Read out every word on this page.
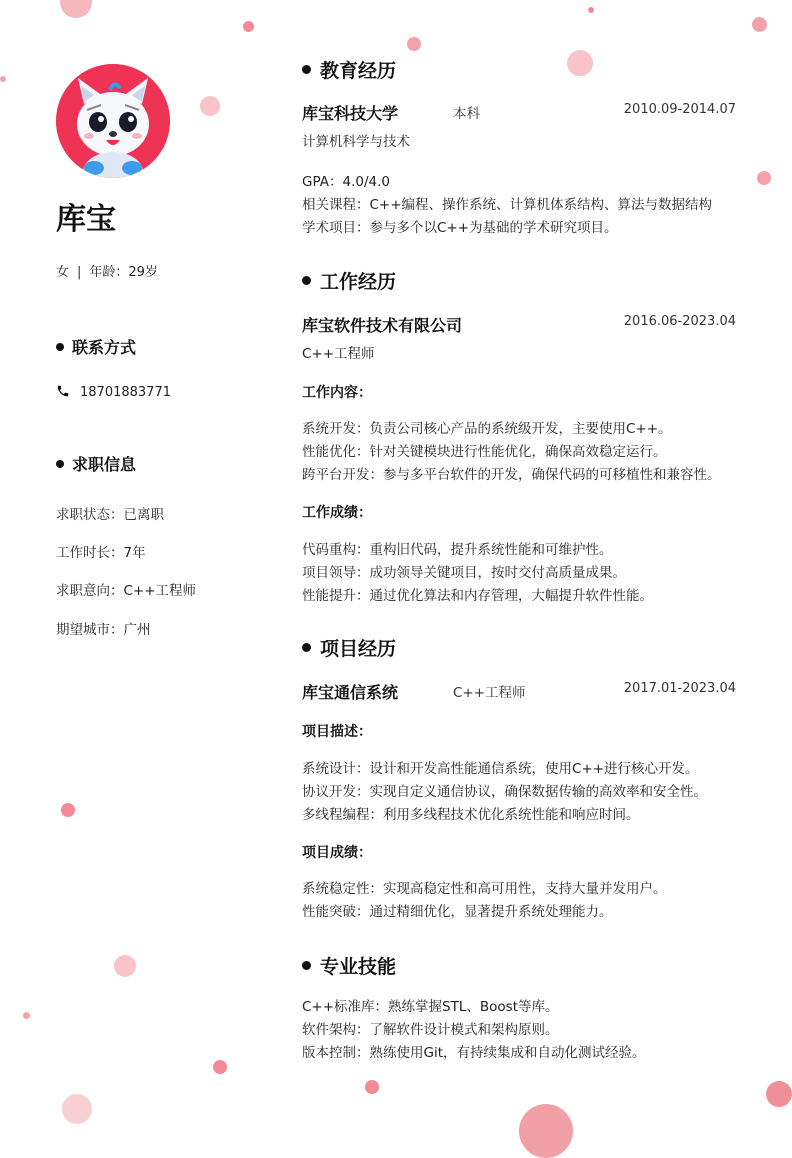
库宝
女 | 年龄：29岁
联系方式
18701883771
求职信息
求职状态：已离职
工作时长：7年
求职意向：C++工程师
期望城市：广州
教育经历
库宝科技大学	本科	2010.09-2014.07
计算机科学与技术
GPA：4.0/4.0
相关课程：C++编程、操作系统、计算机体系结构、算法与数据结构
学术项目：参与多个以C++为基础的学术研究项目。
工作经历
库宝软件技术有限公司	2016.06-2023.04
C++工程师
工作内容：
系统开发：负责公司核心产品的系统级开发，主要使用C++。
性能优化：针对关键模块进行性能优化，确保高效稳定运行。
跨平台开发：参与多平台软件的开发，确保代码的可移植性和兼容性。
工作成绩：
代码重构：重构旧代码，提升系统性能和可维护性。
项目领导：成功领导关键项目，按时交付高质量成果。
性能提升：通过优化算法和内存管理，大幅提升软件性能。
项目经历
库宝通信系统	C++工程师	2017.01-2023.04
项目描述：
系统设计：设计和开发高性能通信系统，使用C++进行核心开发。
协议开发：实现自定义通信协议，确保数据传输的高效率和安全性。
多线程编程：利用多线程技术优化系统性能和响应时间。
项目成绩：
系统稳定性：实现高稳定性和高可用性，支持大量并发用户。
性能突破：通过精细优化，显著提升系统处理能力。
专业技能
C++标准库：熟练掌握STL、Boost等库。
软件架构：了解软件设计模式和架构原则。
版本控制：熟练使用Git，有持续集成和自动化测试经验。
